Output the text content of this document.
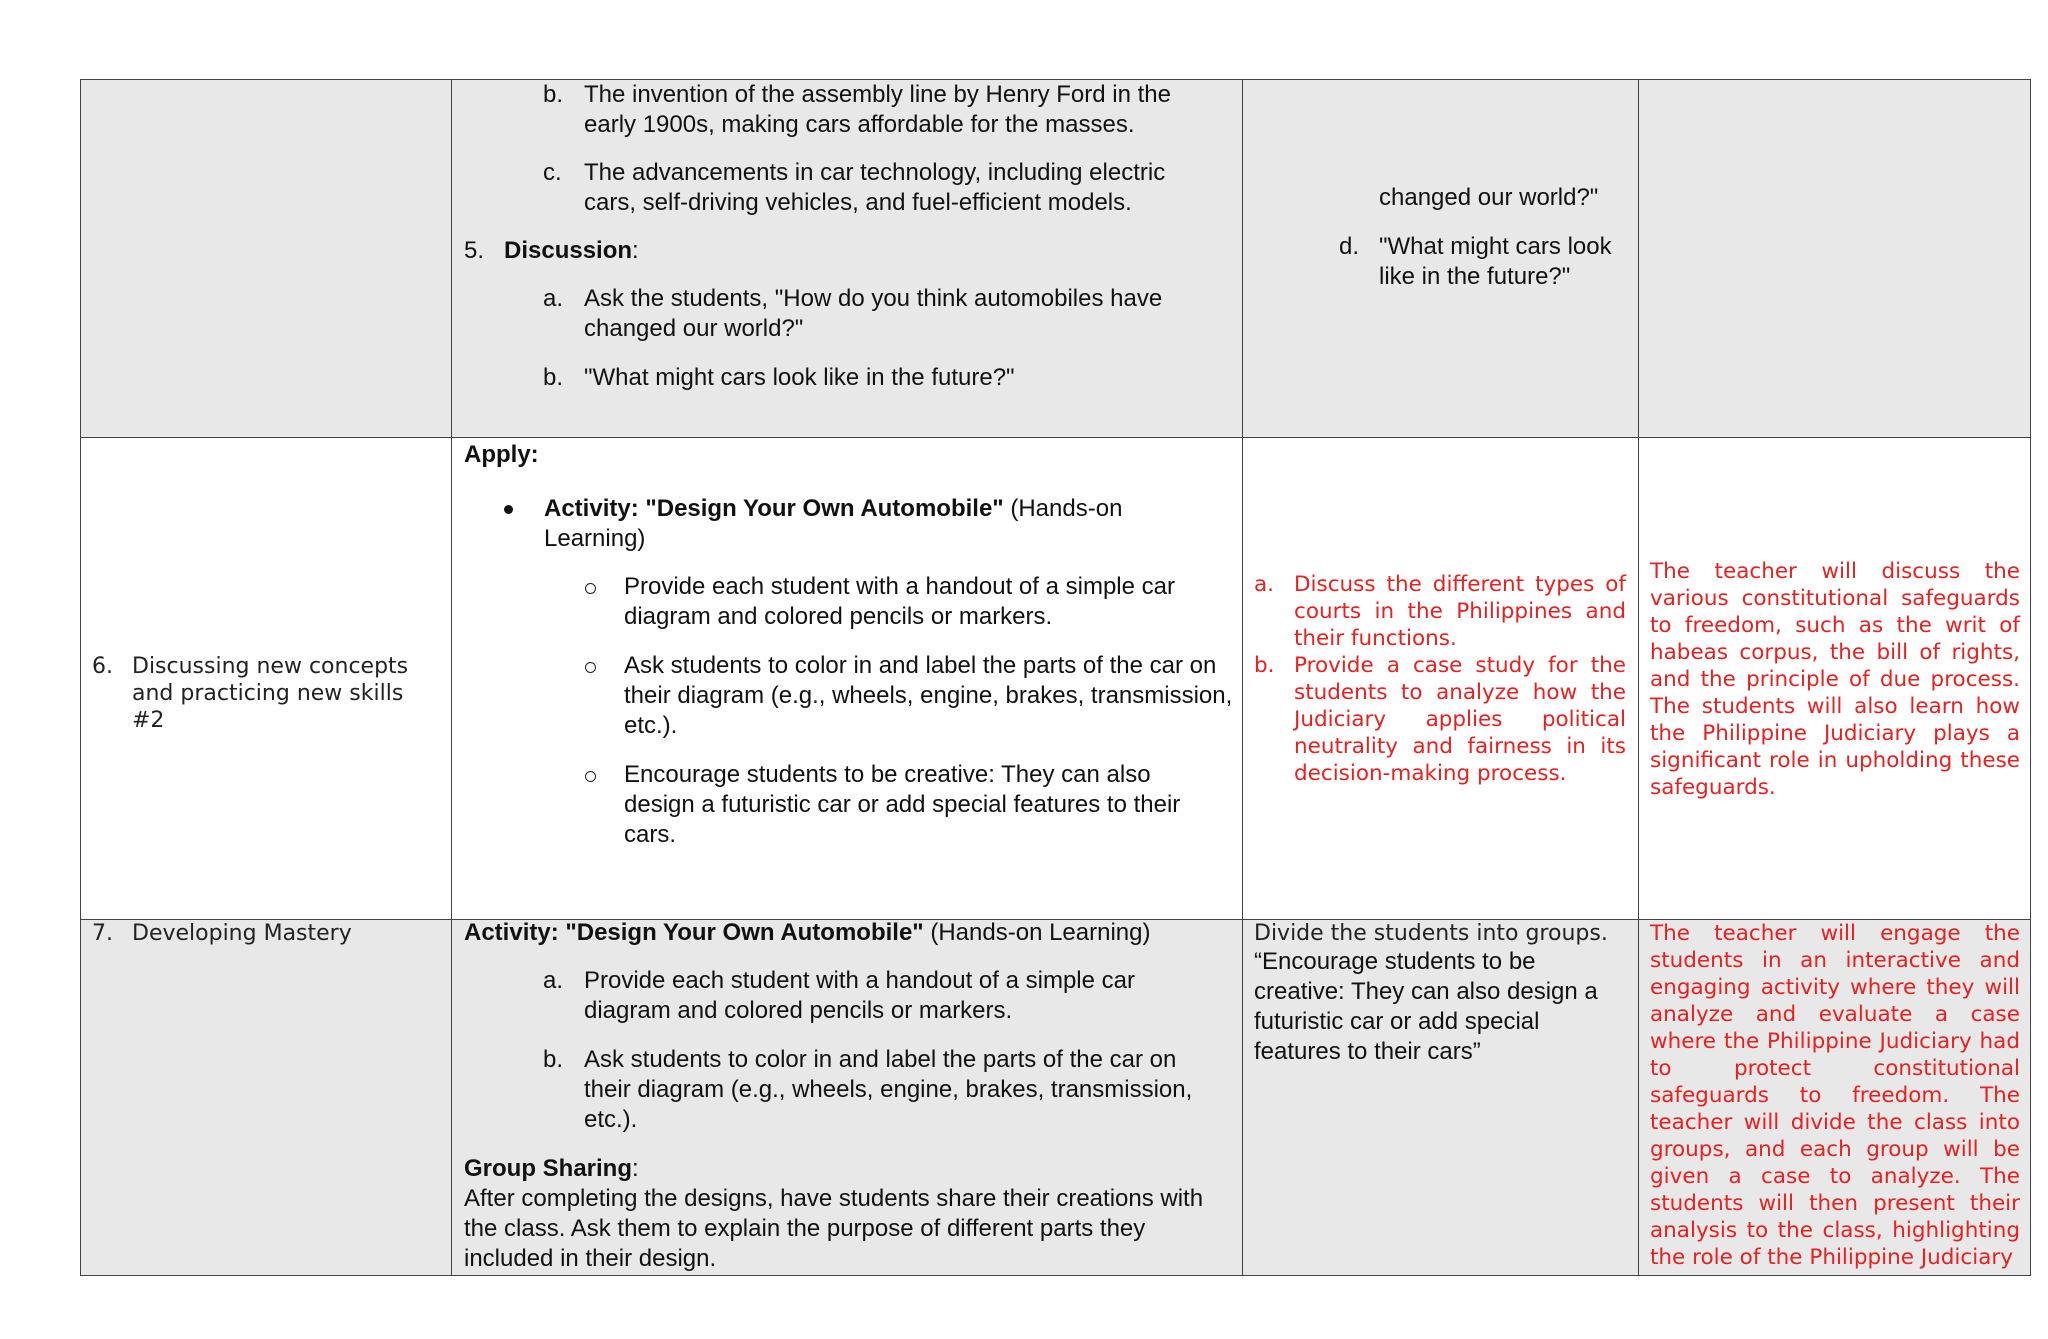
b. The invention of the assembly line by Henry Ford in the early 1900s, making cars affordable for the masses.
c. The advancements in car technology, including electric cars, self-driving vehicles, and fuel-efficient models.
5. Discussion:
a. Ask the students, "How do you think automobiles have changed our world?"
b. "What might cars look like in the future?"
changed our world?"
d. "What might cars look like in the future?"
6. Discussing new concepts and practicing new skills #2
Apply:
Activity: "Design Your Own Automobile" (Hands-on Learning)
Provide each student with a handout of a simple car diagram and colored pencils or markers.
Ask students to color in and label the parts of the car on their diagram (e.g., wheels, engine, brakes, transmission, etc.).
Encourage students to be creative: They can also design a futuristic car or add special features to their cars.
a. Discuss the different types of courts in the Philippines and their functions.
b. Provide a case study for the students to analyze how the Judiciary applies political neutrality and fairness in its decision-making process.
The teacher will discuss the various constitutional safeguards to freedom, such as the writ of habeas corpus, the bill of rights, and the principle of due process. The students will also learn how the Philippine Judiciary plays a significant role in upholding these safeguards.
7. Developing Mastery	Activity: "Design Your Own Automobile" (Hands-on Learning)
a. Provide each student with a handout of a simple car diagram and colored pencils or markers.
b. Ask students to color in and label the parts of the car on their diagram (e.g., wheels, engine, brakes, transmission, etc.).
Group Sharing:
After completing the designs, have students share their creations with the class. Ask them to explain the purpose of different parts they included in their design.
Divide the students into groups.
“Encourage students to be creative: They can also design a futuristic car or add special features to their cars”
The teacher will engage the students in an interactive and engaging activity where they will analyze and evaluate a case where the Philippine Judiciary had to protect constitutional safeguards to freedom. The teacher will divide the class into groups, and each group will be given a case to analyze. The students will then present their analysis to the class, highlighting the role of the Philippine Judiciary
